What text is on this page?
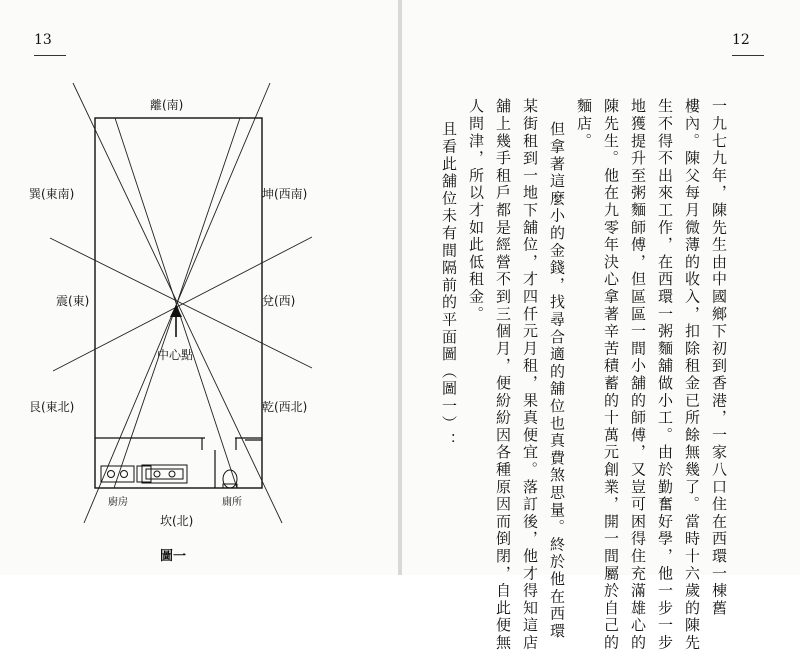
13
離(南)
巽(東南)	坤(西南)
震(東)	兌(西)
艮(東北)	乾(西北)
坎(北)
中心點
廚房	廁所
圖一
12
一九七九年，陳先生由中國鄉下初到香港，一家八口住在西環一棟舊
樓內。陳父每月微薄的收入，扣除租金已所餘無幾了。當時十六歲的陳先
生不得不出來工作，在西環一粥麵舖做小工。由於勤奮好學，他一步一步
地獲提升至粥麵師傅，但區區一間小舖的師傅，又豈可困得住充滿雄心的
陳先生。他在九零年決心拿著辛苦積蓄的十萬元創業，開一間屬於自己的
麵店。
但拿著這麼小的金錢，找尋合適的舖位也真費煞思量。終於他在西環
某街租到一地下舖位，才四仟元月租，果真便宜。落訂後，他才得知這店
舖上幾手租戶都是經營不到三個月，便紛紛因各種原因而倒閉，自此便無
人問津，所以才如此低租金。
且看此舖位未有間隔前的平面圖（圖一）：
